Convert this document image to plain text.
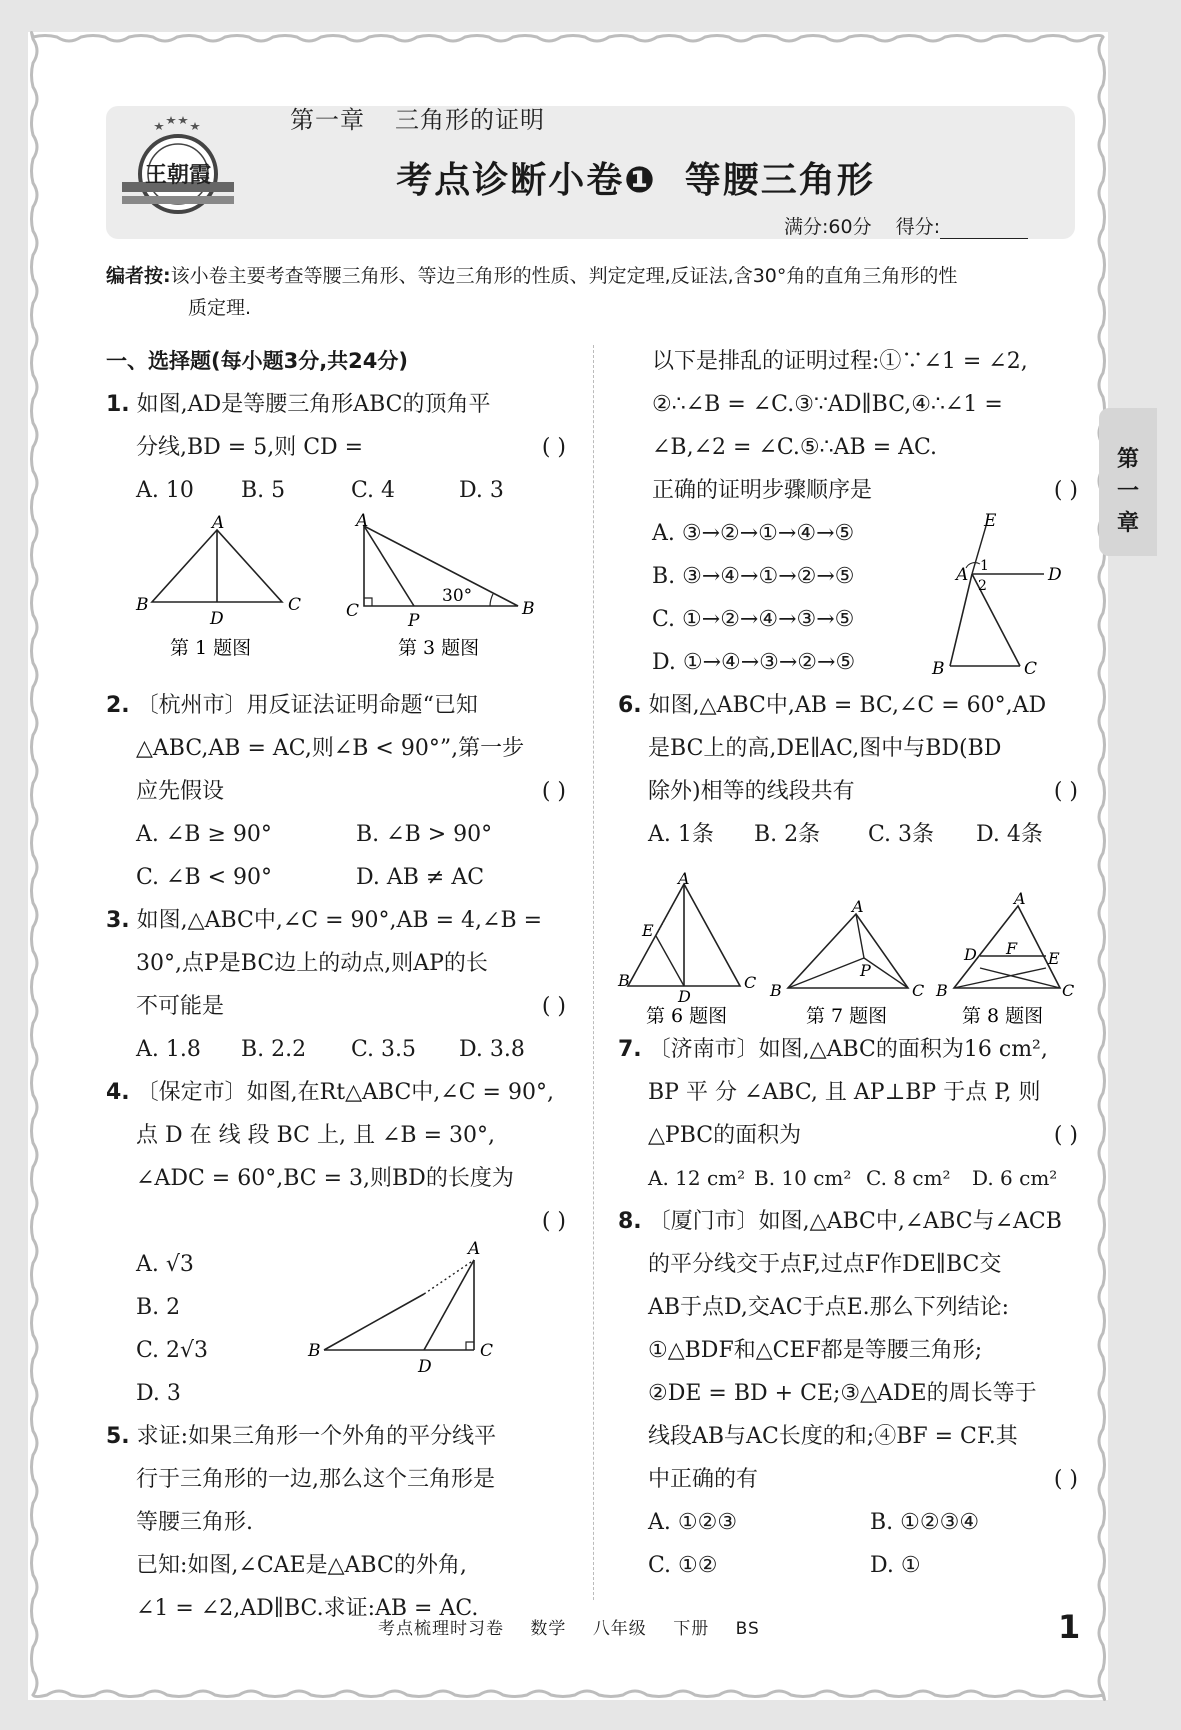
王朝霞
第一章 三角形的证明
考点诊断小卷❶ 等腰三角形
满分:60分 得分:
编者按:该小卷主要考查等腰三角形、等边三角形的性质、判定定理,反证法,含30°角的直角三角形的性
质定理.
一、选择题(每小题3分,共24分)
1. 如图,AD是等腰三角形ABC的顶角平
分线,BD = 5,则 CD =	( )
A. 10	B. 5	C. 4	D. 3
2. 〔杭州市〕用反证法证明命题“已知
△ABC,AB = AC,则∠B < 90°”,第一步
应先假设	( )
A. ∠B ≥ 90°	B. ∠B > 90°
C. ∠B < 90°	D. AB ≠ AC
3. 如图,△ABC中,∠C = 90°,AB = 4,∠B =
30°,点P是BC边上的动点,则AP的长
不可能是	( )
A. 1.8	B. 2.2	C. 3.5	D. 3.8
4. 〔保定市〕如图,在Rt△ABC中,∠C = 90°,
点 D 在 线 段 BC 上, 且 ∠B = 30°,
∠ADC = 60°,BC = 3,则BD的长度为
( )
A. √3
B. 2
C. 2√3
D. 3
5. 求证:如果三角形一个外角的平分线平
行于三角形的一边,那么这个三角形是
等腰三角形.
已知:如图,∠CAE是△ABC的外角,
∠1 = ∠2,AD∥BC.求证:AB = AC.
以下是排乱的证明过程:①∵∠1 = ∠2,
②∴∠B = ∠C.③∵AD∥BC,④∴∠1 =
∠B,∠2 = ∠C.⑤∴AB = AC.
正确的证明步骤顺序是	( )
A. ③→②→①→④→⑤
B. ③→④→①→②→⑤
C. ①→②→④→③→⑤
D. ①→④→③→②→⑤
6. 如图,△ABC中,AB = BC,∠C = 60°,AD
是BC上的高,DE∥AC,图中与BD(BD
除外)相等的线段共有	( )
A. 1条	B. 2条	C. 3条	D. 4条
7. 〔济南市〕如图,△ABC的面积为16 cm²,
BP 平 分 ∠ABC, 且 AP⊥BP 于点 P, 则
△PBC的面积为	( )
A. 12 cm² B. 10 cm² C. 8 cm²	D. 6 cm²
8. 〔厦门市〕如图,△ABC中,∠ABC与∠ACB
的平分线交于点F,过点F作DE∥BC交
AB于点D,交AC于点E.那么下列结论:
①△BDF和△CEF都是等腰三角形;
②DE = BD + CE;③△ADE的周长等于
线段AB与AC长度的和;④BF = CF.其
中正确的有	( )
A. ①②③	B. ①②③④
C. ①②	D. ①
A
B	C
D
第 1 题图
A
C	P
B
30°
第 3 题图
A
B	C
D
E
A	D
B	C
1
2
A
E
B	C
D
第 6 题图
A
P
B	C
第 7 题图
A
D F
E
B	C
第 8 题图
第
一
章
考点梳理时习卷 数学 八年级 下册 BS	1
